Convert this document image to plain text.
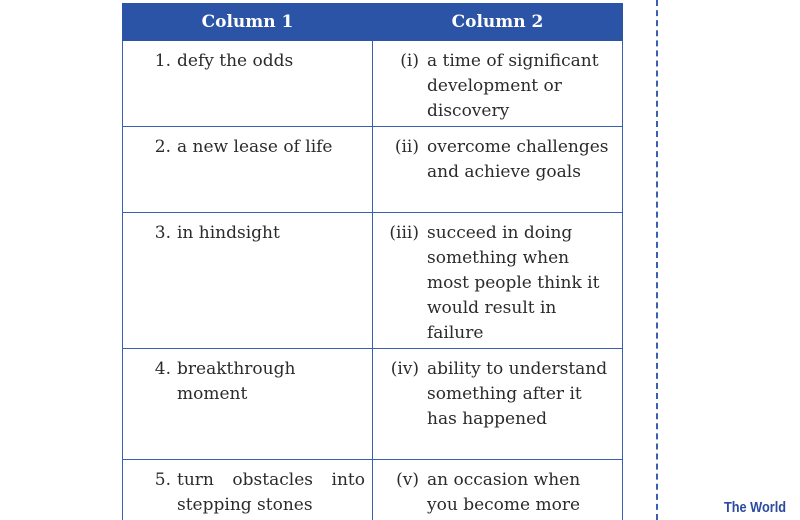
Column 1	Column 2

1. defy the odds	(i) a time of significant development or discovery

2. a new lease of life	(ii) overcome challenges and achieve goals

3. in hindsight	(iii) succeed in doing something when most people think it would result in failure

4. breakthrough moment	(iv) ability to understand something after it has happened

5. turn obstacles into stepping stones	(v) an occasion when you become more	The World
